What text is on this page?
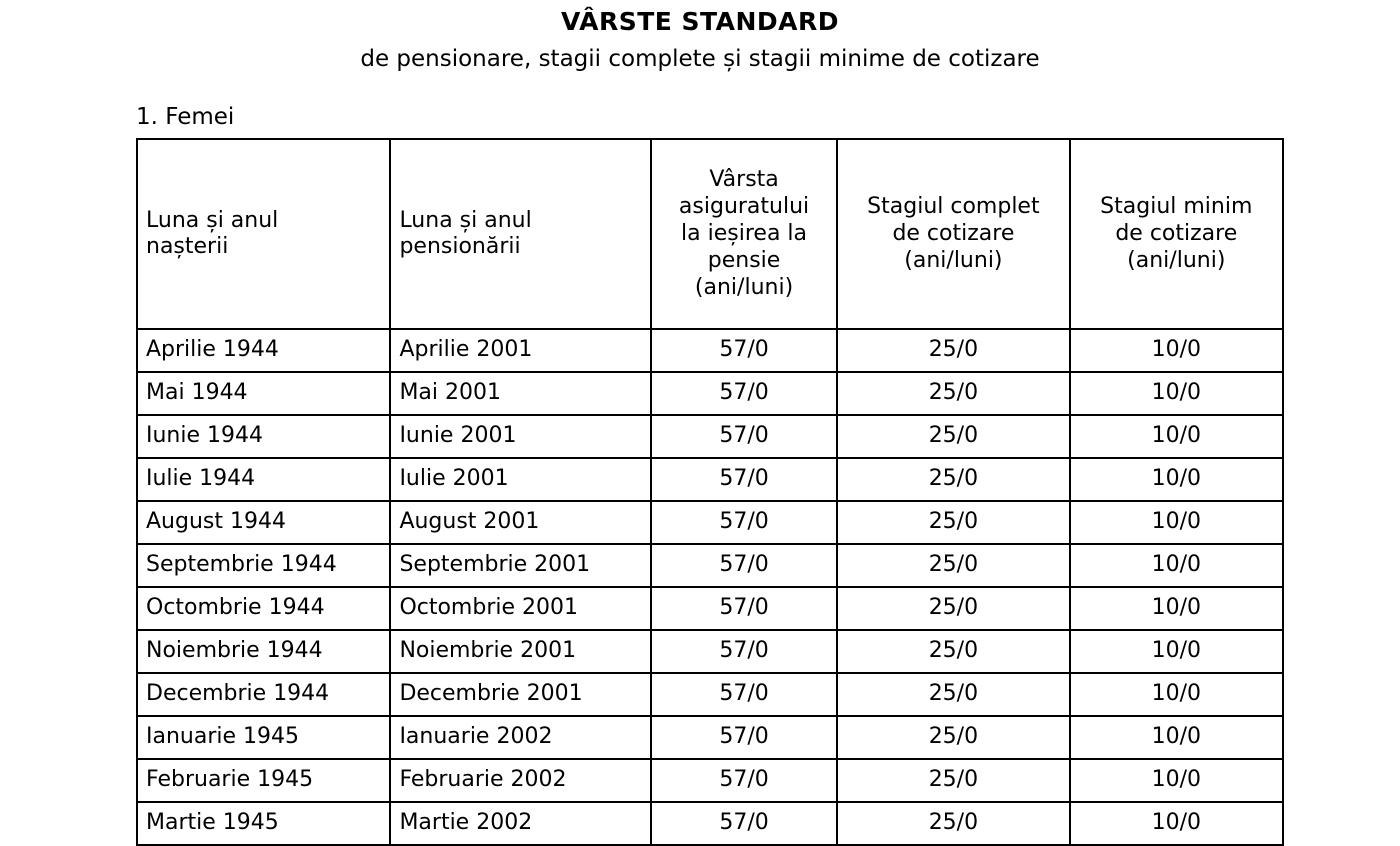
VÂRSTE STANDARD
de pensionare, stagii complete și stagii minime de cotizare
1. Femei
Luna și anul
nașterii	Luna și anul
pensionării	Vârsta
asiguratului
la ieșirea la
pensie
(ani/luni)	Stagiul complet
de cotizare
(ani/luni)	Stagiul minim
de cotizare
(ani/luni)

Aprilie 1944	Aprilie 2001	57/0	25/0	10/0
Mai 1944	Mai 2001	57/0	25/0	10/0
Iunie 1944	Iunie 2001	57/0	25/0	10/0
Iulie 1944	Iulie 2001	57/0	25/0	10/0
August 1944	August 2001	57/0	25/0	10/0
Septembrie 1944	Septembrie 2001	57/0	25/0	10/0
Octombrie 1944	Octombrie 2001	57/0	25/0	10/0
Noiembrie 1944	Noiembrie 2001	57/0	25/0	10/0
Decembrie 1944	Decembrie 2001	57/0	25/0	10/0
Ianuarie 1945	Ianuarie 2002	57/0	25/0	10/0
Februarie 1945	Februarie 2002	57/0	25/0	10/0
Martie 1945	Martie 2002	57/0	25/0	10/0
